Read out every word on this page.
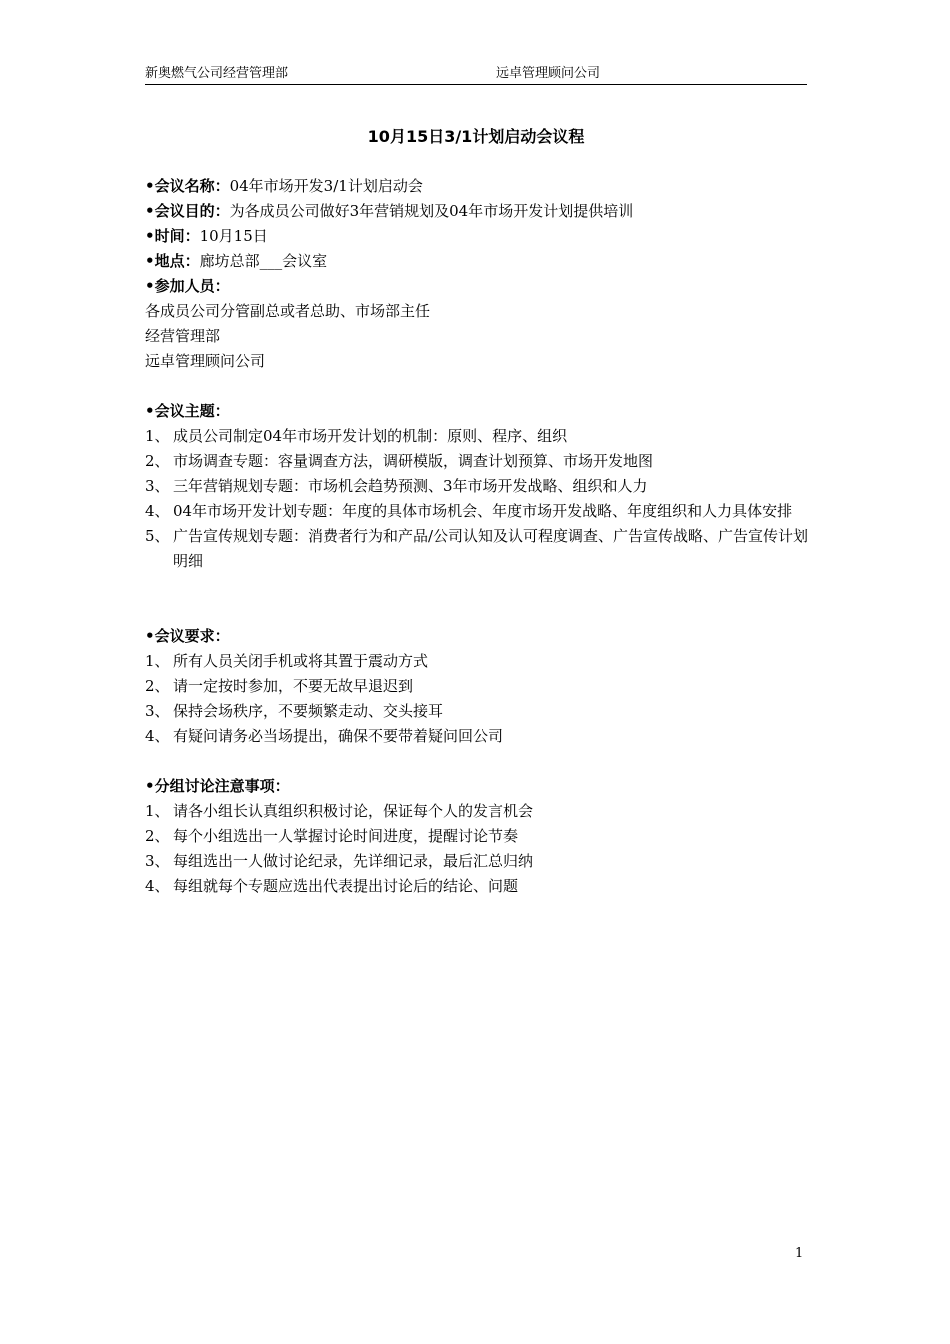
新奥燃气公司经营管理部	远卓管理顾问公司
10月15日3/1计划启动会议程

•会议名称：04年市场开发3/1计划启动会

•会议目的：为各成员公司做好3年营销规划及04年市场开发计划提供培训

•时间：10月15日

•地点：廊坊总部___会议室

•参加人员：

各成员公司分管副总或者总助、市场部主任

经营管理部

远卓管理顾问公司

•会议主题：

1、 成员公司制定04年市场开发计划的机制：原则、程序、组织

2、 市场调查专题：容量调查方法，调研模版，调查计划预算、市场开发地图

3、 三年营销规划专题：市场机会趋势预测、3年市场开发战略、组织和人力

4、 04年市场开发计划专题：年度的具体市场机会、年度市场开发战略、年度组织和人力具体安排

5、 广告宣传规划专题：消费者行为和产品/公司认知及认可程度调查、广告宣传战略、广告宣传计划明细

•会议要求：

1、 所有人员关闭手机或将其置于震动方式

2、 请一定按时参加，不要无故早退迟到

3、 保持会场秩序，不要频繁走动、交头接耳

4、 有疑问请务必当场提出，确保不要带着疑问回公司

•分组讨论注意事项：

1、 请各小组长认真组织积极讨论，保证每个人的发言机会

2、 每个小组选出一人掌握讨论时间进度，提醒讨论节奏

3、 每组选出一人做讨论纪录，先详细记录，最后汇总归纳

4、 每组就每个专题应选出代表提出讨论后的结论、问题

1
